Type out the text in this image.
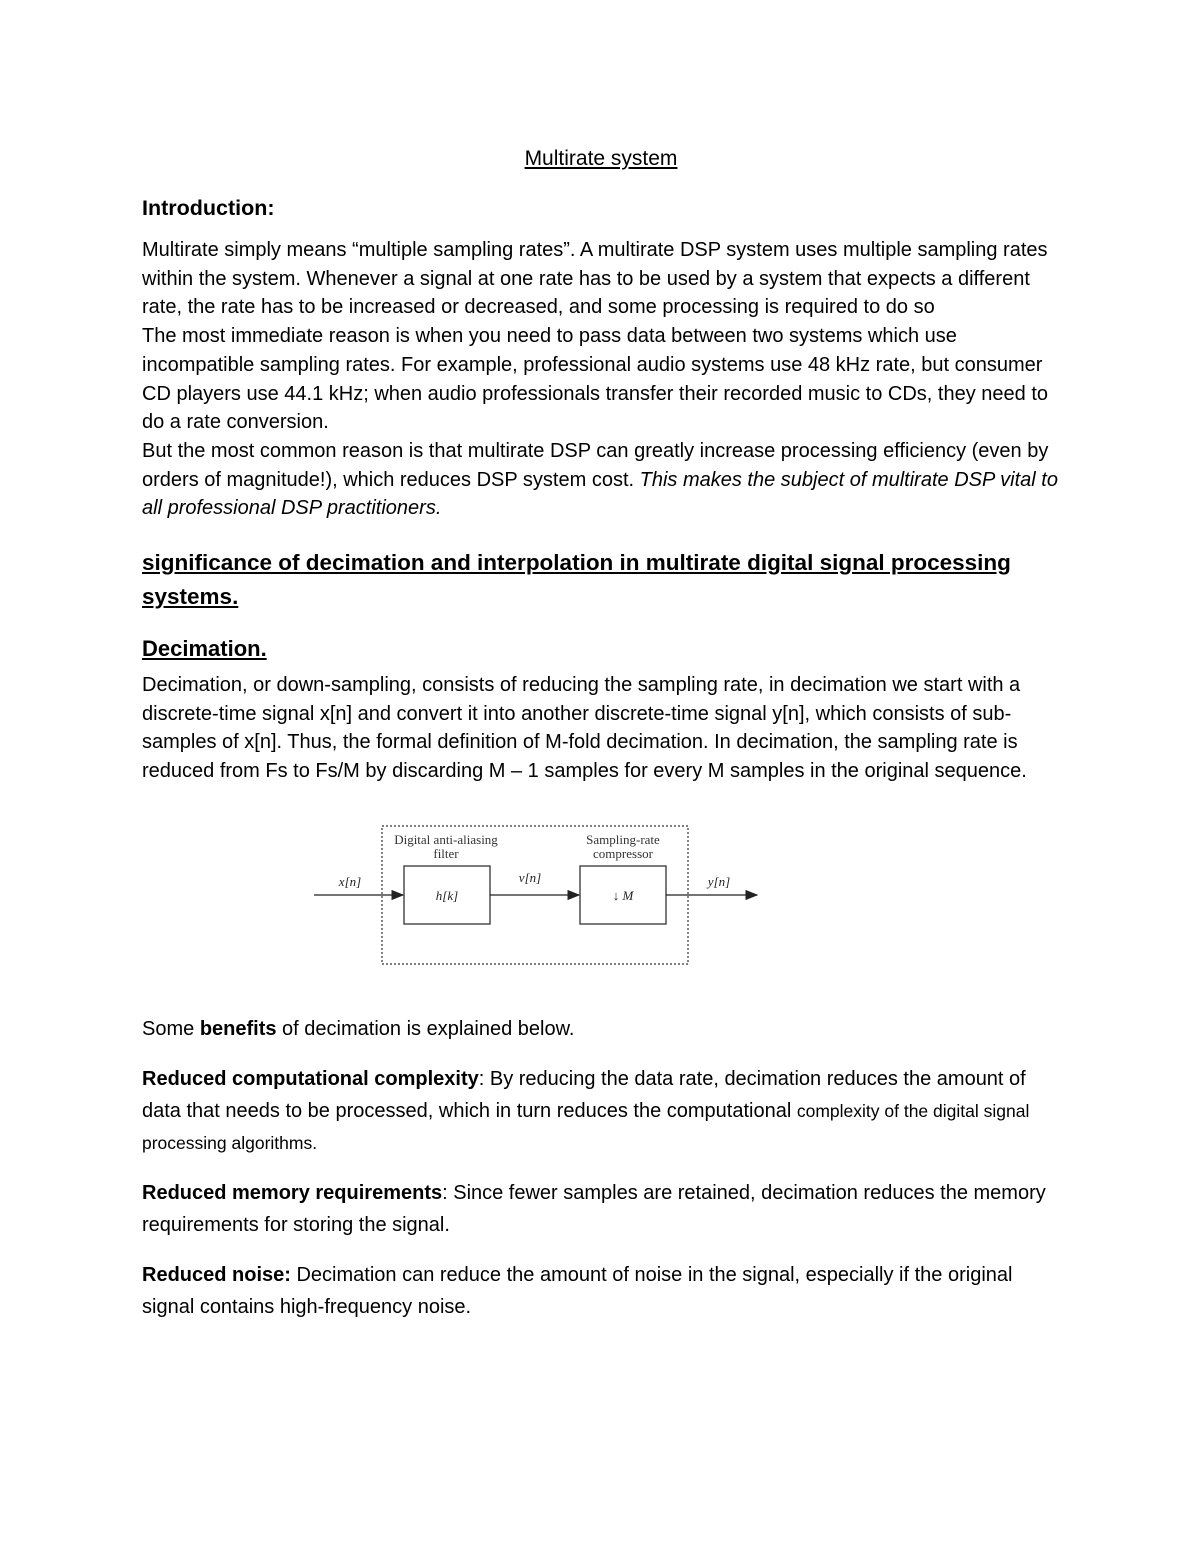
Multirate system
Introduction:

Multirate simply means “multiple sampling rates”. A multirate DSP system uses multiple sampling rates within the system. Whenever a signal at one rate has to be used by a system that expects a different rate, the rate has to be increased or decreased, and some processing is required to do so

The most immediate reason is when you need to pass data between two systems which use incompatible sampling rates. For example, professional audio systems use 48 kHz rate, but consumer CD players use 44.1 kHz; when audio professionals transfer their recorded music to CDs, they need to do a rate conversion.

But the most common reason is that multirate DSP can greatly increase processing efficiency (even by orders of magnitude!), which reduces DSP system cost. This makes the subject of multirate DSP vital to all professional DSP practitioners.

significance of decimation and interpolation in multirate digital signal processing systems.
Decimation.

Decimation, or down-sampling, consists of reducing the sampling rate, in decimation we start with a discrete-time signal x[n] and convert it into another discrete-time signal y[n], which consists of sub-samples of x[n]. Thus, the formal definition of M-fold decimation. In decimation, the sampling rate is reduced from Fs to Fs/M by discarding M – 1 samples for every M samples in the original sequence.

Digital anti-aliasing
filter
Sampling-rate
compressor
h[k]	↓ M
x[n]	v[n]	y[n]

Some benefits of decimation is explained below.

Reduced computational complexity: By reducing the data rate, decimation reduces the amount of data that needs to be processed, which in turn reduces the computational complexity of the digital signal processing algorithms.

Reduced memory requirements: Since fewer samples are retained, decimation reduces the memory requirements for storing the signal.

Reduced noise: Decimation can reduce the amount of noise in the signal, especially if the original signal contains high-frequency noise.
